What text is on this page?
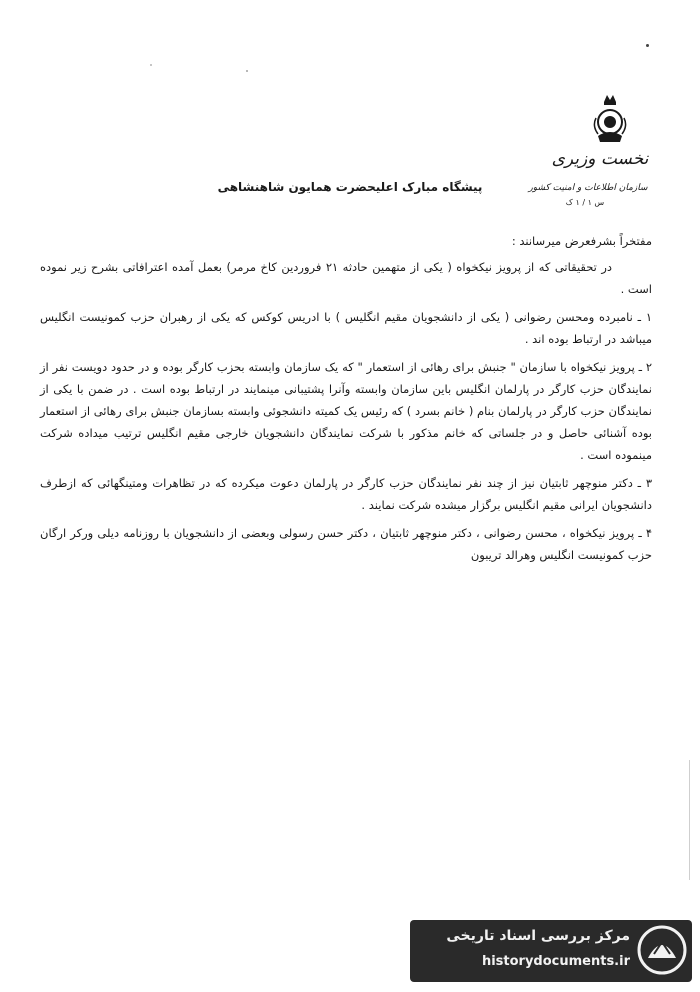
نخست وزیری
سازمان اطلاعات و امنیت کشور
س ۱ / ۱ ک
پیشگاه مبارک اعلیحضرت همایون شاهنشاهی

مفتخراً بشرفعرض میرسانند :

در تحقیقاتی که از پرویز نیکخواه ( یکی از متهمین حادثه ۲۱ فروردین کاخ مرمر) بعمل آمده اعترافاتی بشرح زیر نموده است .

۱ ـ نامبرده ومحسن رضوانی ( یکی از دانشجویان مقیم انگلیس ) با ادریس کوکس که یکی از رهبران حزب کمونیست انگلیس میباشد در ارتباط بوده اند .

۲ ـ پرویز نیکخواه با سازمان " جنبش برای رهائی از استعمار " که یک سازمان وابسته بحزب کارگر بوده و در حدود دویست نفر از نمایندگان حزب کارگر در پارلمان انگلیس باین سازمان وابسته وآنرا پشتیبانی مینمایند در ارتباط بوده است . در ضمن با یکی از نمایندگان حزب کارگر در پارلمان بنام ( خانم بسرد ) که رئیس یک کمیته دانشجوئی وابسته بسازمان جنبش برای رهائی از استعمار بوده آشنائی حاصل و در جلساتی که خانم مذکور با شرکت نمایندگان دانشجویان خارجی مقیم انگلیس ترتیب میداده شرکت مینموده است .

۳ ـ دکتر منوچهر ثابتیان نیز از چند نفر نمایندگان حزب کارگر در پارلمان دعوت میکرده که در تظاهرات ومتینگهائی که ازطرف دانشجویان ایرانی مقیم انگلیس برگزار میشده شرکت نمایند .

۴ ـ پرویز نیکخواه ، محسن رضوانی ، دکتر منوچهر ثابتیان ، دکتر حسن رسولی وبعضی از دانشجویان با روزنامه دیلی ورکر ارگان حزب کمونیست انگلیس وهرالد تریبون

مرکز بررسی اسناد تاریخی
historydocuments.ir
